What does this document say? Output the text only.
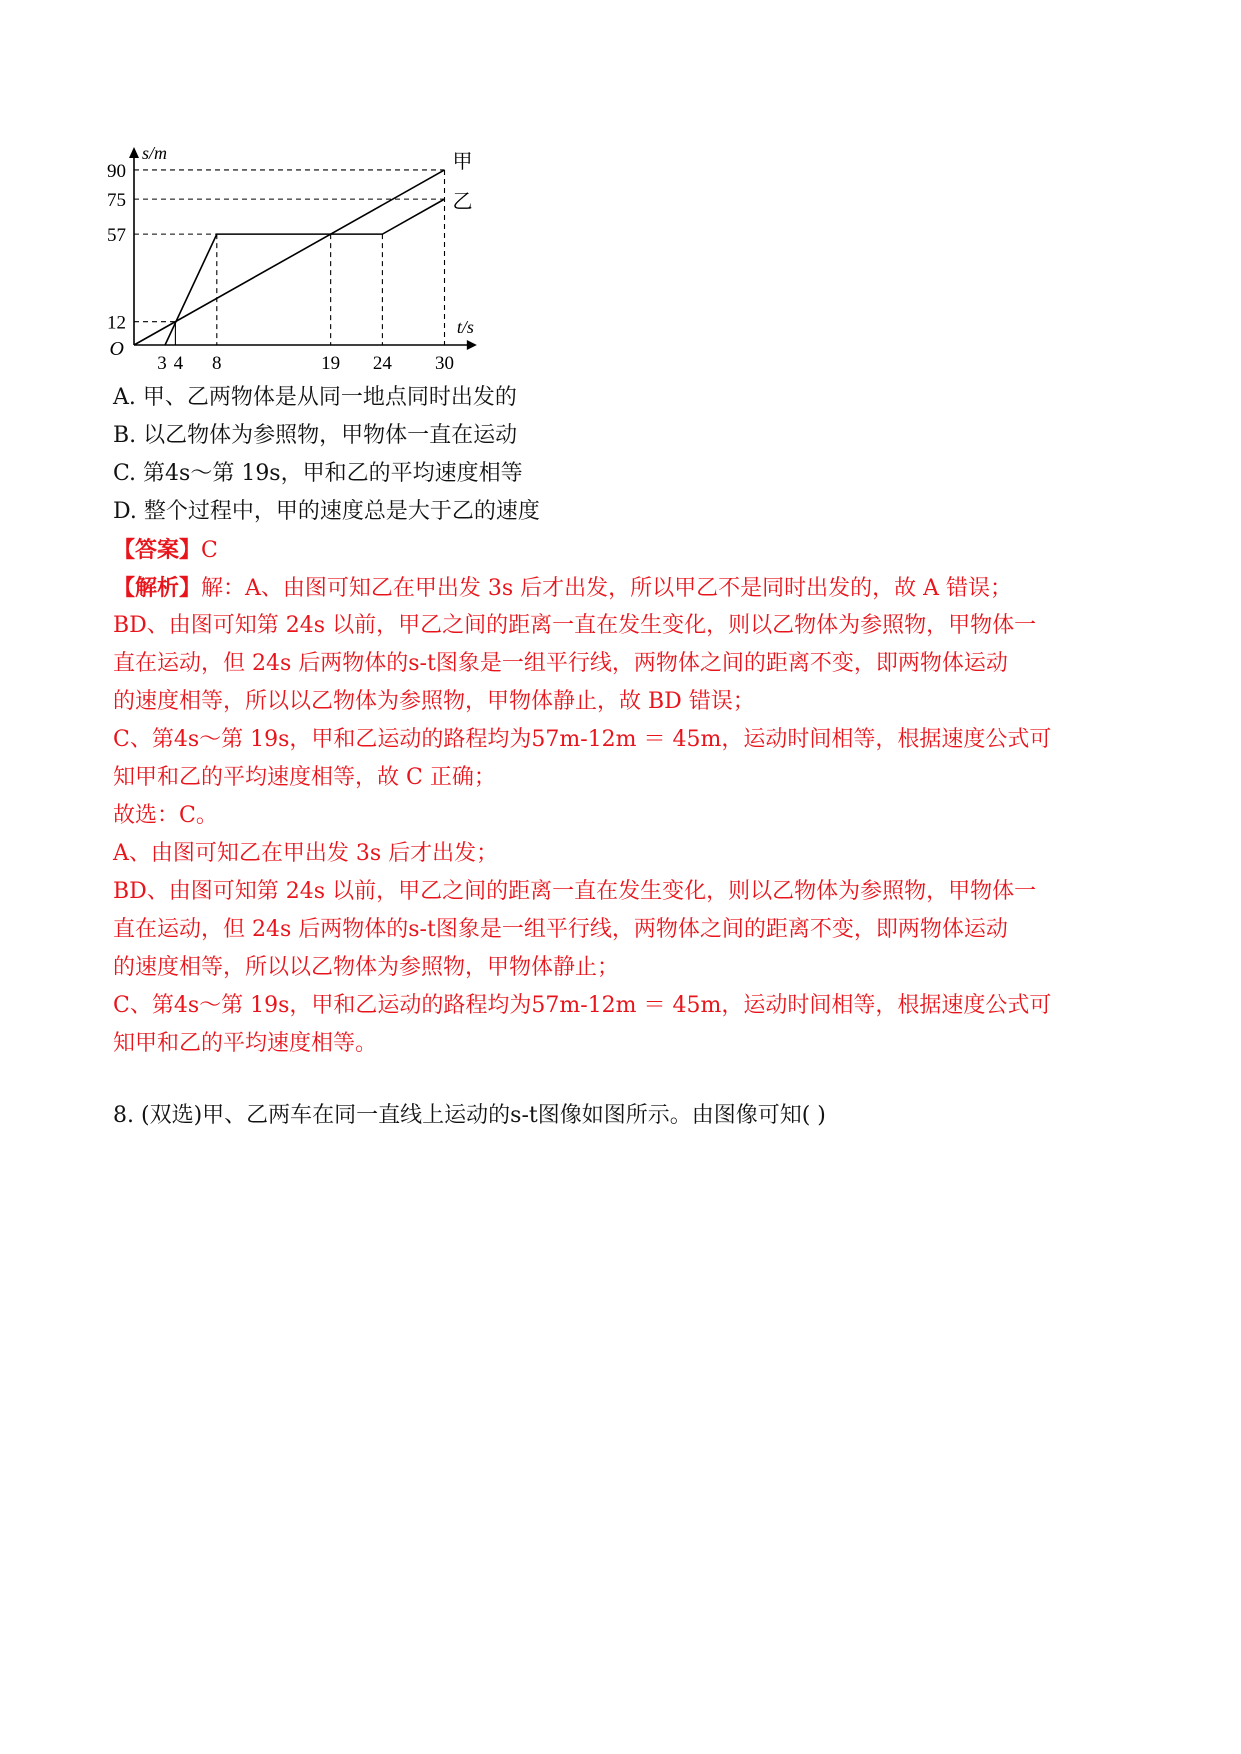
12
57
75
90
3 4 8	19 24 30
O
s/m
t/s
甲
乙
A. 甲、乙两物体是从同一地点同时出发的
B. 以乙物体为参照物，甲物体一直在运动
C. 第4s～第 19s，甲和乙的平均速度相等
D. 整个过程中，甲的速度总是大于乙的速度
【答案】C
【解析】解：A、由图可知乙在甲出发 3s 后才出发，所以甲乙不是同时出发的，故 A 错误；
BD、由图可知第 24s 以前，甲乙之间的距离一直在发生变化，则以乙物体为参照物，甲物体一
直在运动，但 24s 后两物体的s-t图象是一组平行线，两物体之间的距离不变，即两物体运动
的速度相等，所以以乙物体为参照物，甲物体静止，故 BD 错误；
C、第4s～第 19s，甲和乙运动的路程均为57m-12m ＝ 45m，运动时间相等，根据速度公式可
知甲和乙的平均速度相等，故 C 正确；
故选：C。
A、由图可知乙在甲出发 3s 后才出发；
BD、由图可知第 24s 以前，甲乙之间的距离一直在发生变化，则以乙物体为参照物，甲物体一
直在运动，但 24s 后两物体的s-t图象是一组平行线，两物体之间的距离不变，即两物体运动
的速度相等，所以以乙物体为参照物，甲物体静止；
C、第4s～第 19s，甲和乙运动的路程均为57m-12m ＝ 45m，运动时间相等，根据速度公式可
知甲和乙的平均速度相等。
8. (双选)甲、乙两车在同一直线上运动的s-t图像如图所示。由图像可知( )
